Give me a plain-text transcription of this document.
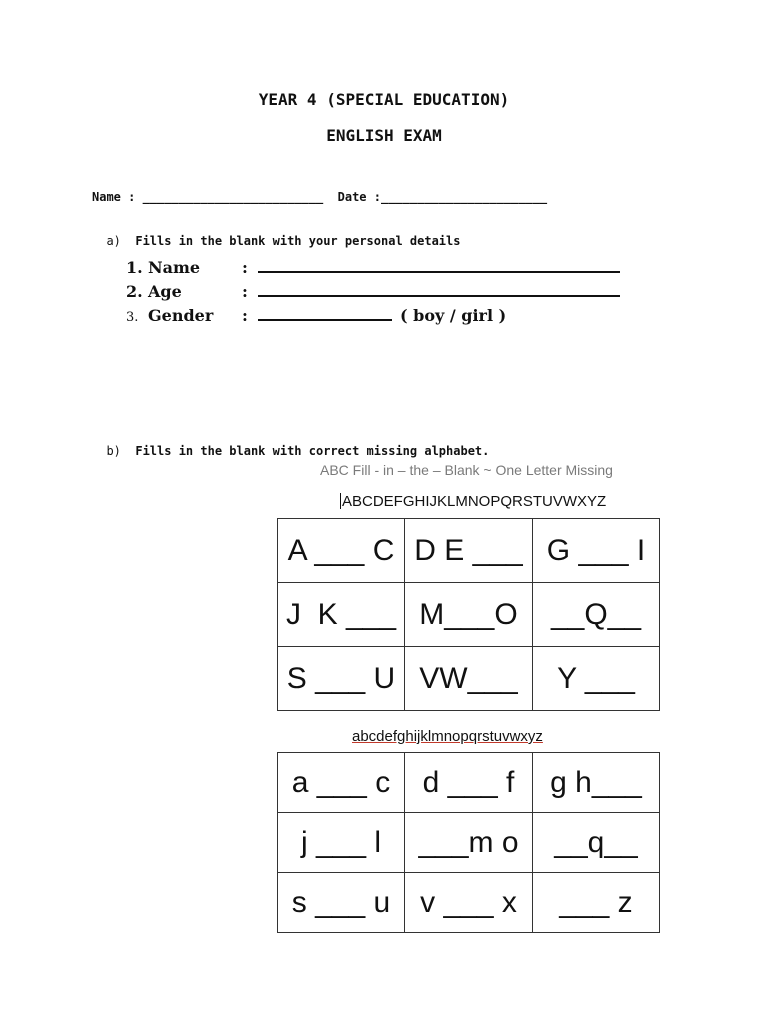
YEAR 4 (SPECIAL EDUCATION)
ENGLISH EXAM
Name : _________________________  Date :_______________________

a) Fills in the blank with your personal details

1. Name	:
2. Age	:
3. Gender :	( boy / girl )

b) Fills in the blank with correct missing alphabet.

ABC Fill - in – the – Blank ~ One Letter Missing
ABCDEFGHIJKLMNOPQRSTUVWXYZ
A ___ C	D E ___	G ___ I
J  K ___	M___O	__Q__
S ___ U	VW___	Y ___
abcdefghijklmnopqrstuvwxyz
a ___ c	d ___ f	g h___
j ___ l	___m o	__q__
s ___ u	v ___ x	___ z
